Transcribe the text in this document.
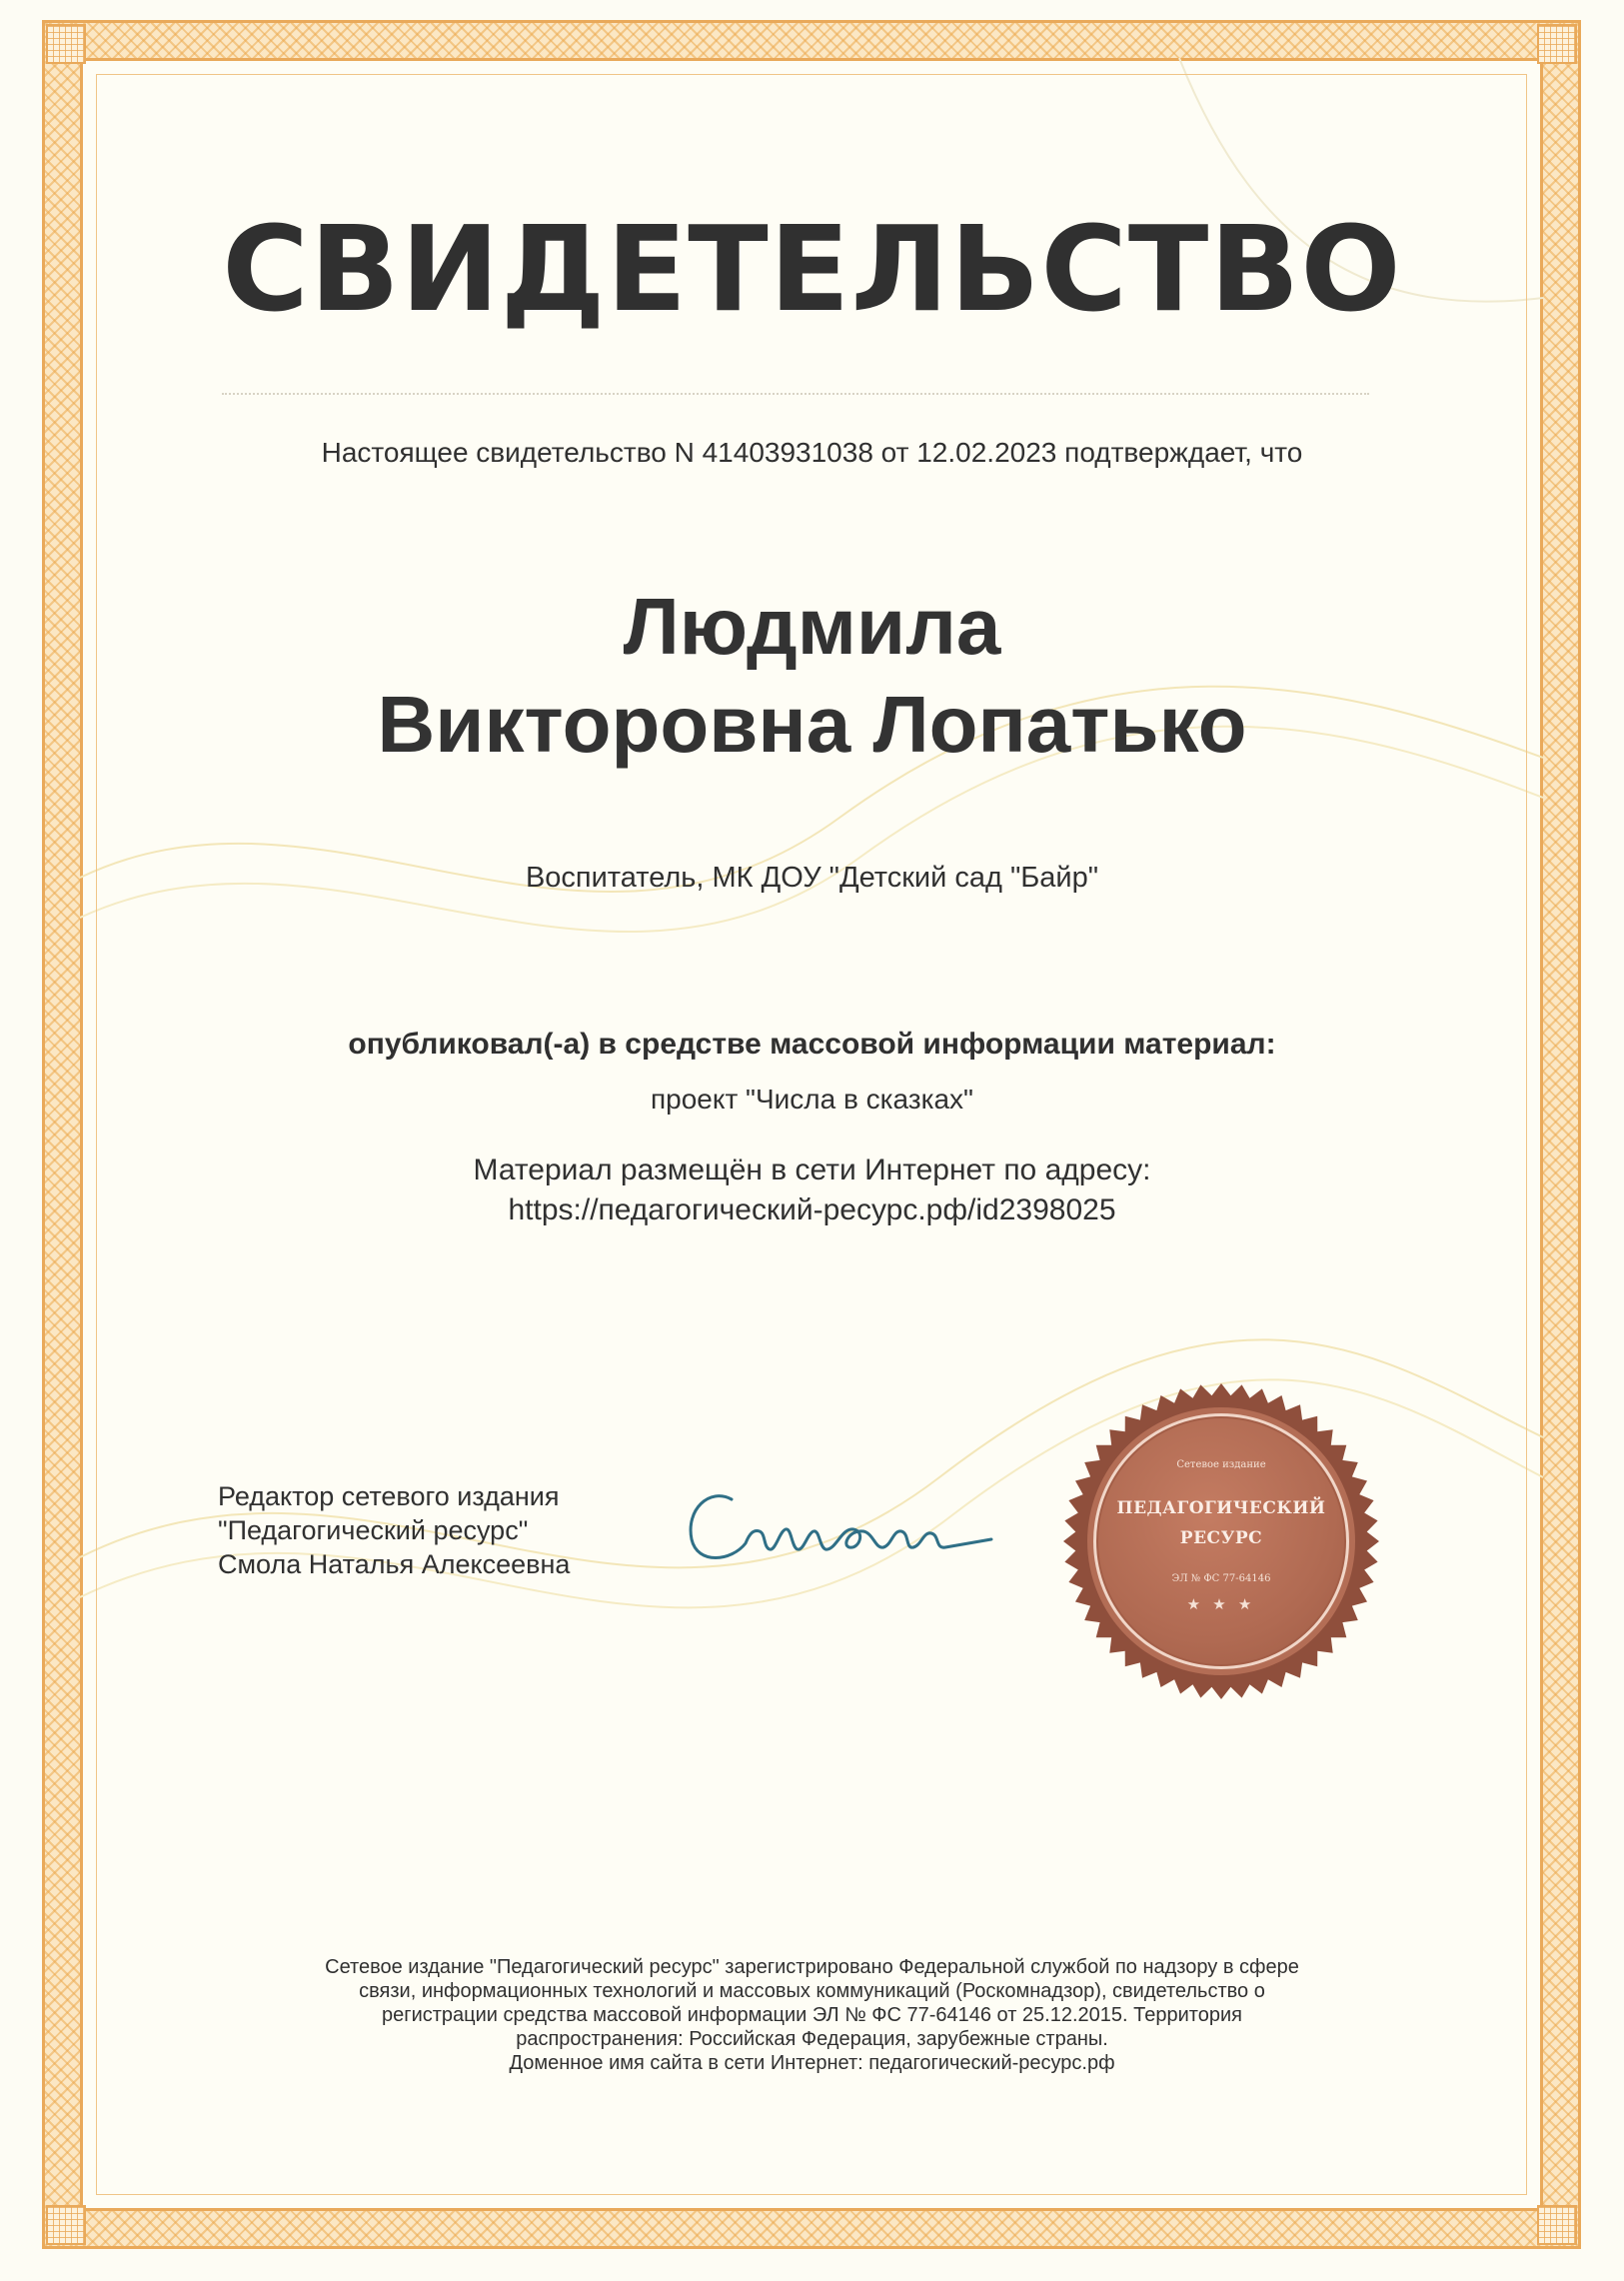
СВИДЕТЕЛЬСТВО
Настоящее свидетельство N 41403931038 от 12.02.2023 подтверждает, что
Людмила
Викторовна Лопатько
Воспитатель, МК ДОУ "Детский сад "Байр"
опубликовал(-а) в средстве массовой информации материал:
проект "Числа в сказках"
Материал размещён в сети Интернет по адресу:
https://педагогический-ресурс.рф/id2398025
Редактор сетевого издания
"Педагогический ресурс"
Смола Наталья Алексеевна
Сетевое издание
ПЕДАГОГИЧЕСКИЙ
РЕСУРС
ЭЛ № ФС 77-64146
★ ★ ★
Сетевое издание "Педагогический ресурс" зарегистрировано Федеральной службой по надзору в сфере
связи, информационных технологий и массовых коммуникаций (Роскомнадзор), свидетельство о
регистрации средства массовой информации ЭЛ № ФС 77-64146 от 25.12.2015. Территория
распространения: Российская Федерация, зарубежные страны.
Доменное имя сайта в сети Интернет: педагогический-ресурс.рф
